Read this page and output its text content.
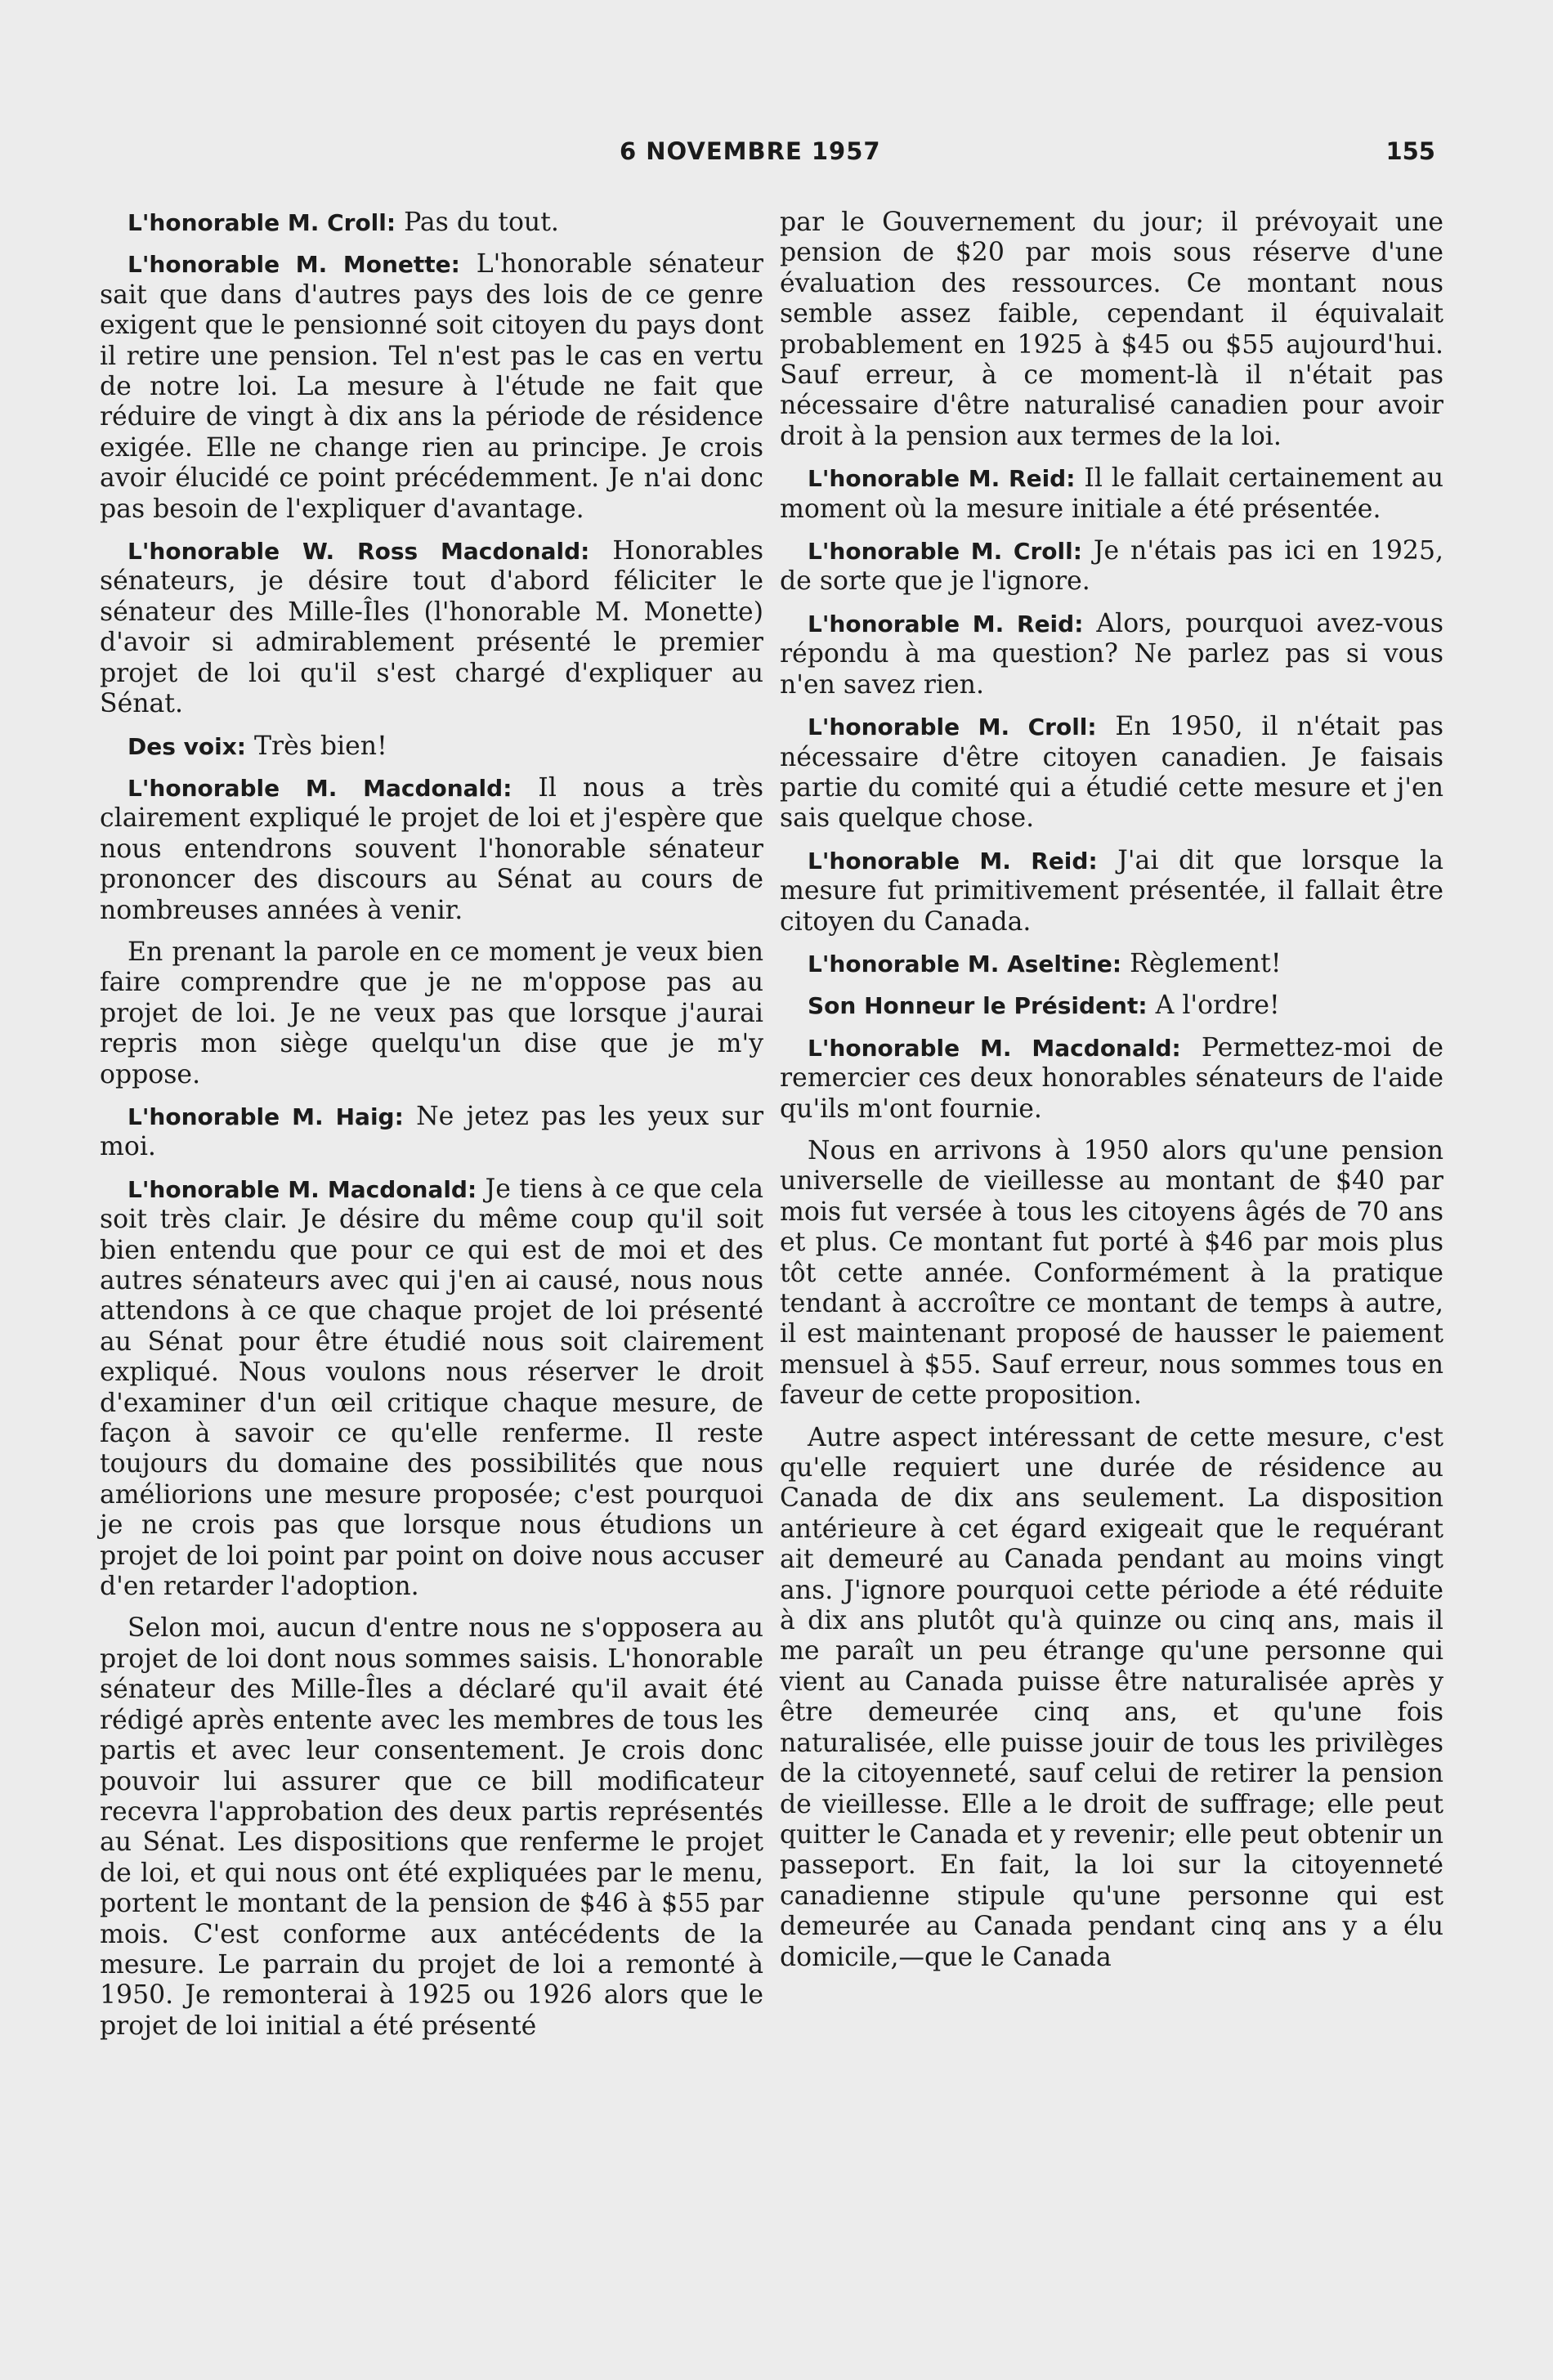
6 NOVEMBRE 1957	155

L'honorable M. Croll: Pas du tout.

L'honorable M. Monette: L'honorable sénateur sait que dans d'autres pays des lois de ce genre exigent que le pensionné soit citoyen du pays dont il retire une pension. Tel n'est pas le cas en vertu de notre loi. La mesure à l'étude ne fait que réduire de vingt à dix ans la période de résidence exigée. Elle ne change rien au principe. Je crois avoir élucidé ce point précédemment. Je n'ai donc pas besoin de l'expliquer d'avantage.

L'honorable W. Ross Macdonald: Honorables sénateurs, je désire tout d'abord féliciter le sénateur des Mille-Îles (l'honorable M. Monette) d'avoir si admirablement présenté le premier projet de loi qu'il s'est chargé d'expliquer au Sénat.

Des voix: Très bien!

L'honorable M. Macdonald: Il nous a très clairement expliqué le projet de loi et j'espère que nous entendrons souvent l'honorable sénateur prononcer des discours au Sénat au cours de nombreuses années à venir.

En prenant la parole en ce moment je veux bien faire comprendre que je ne m'oppose pas au projet de loi. Je ne veux pas que lorsque j'aurai repris mon siège quelqu'un dise que je m'y oppose.

L'honorable M. Haig: Ne jetez pas les yeux sur moi.

L'honorable M. Macdonald: Je tiens à ce que cela soit très clair. Je désire du même coup qu'il soit bien entendu que pour ce qui est de moi et des autres sénateurs avec qui j'en ai causé, nous nous attendons à ce que chaque projet de loi présenté au Sénat pour être étudié nous soit clairement expliqué. Nous voulons nous réserver le droit d'examiner d'un œil critique chaque mesure, de façon à savoir ce qu'elle renferme. Il reste toujours du domaine des possibilités que nous améliorions une mesure proposée; c'est pourquoi je ne crois pas que lorsque nous étudions un projet de loi point par point on doive nous accuser d'en retarder l'adoption.

Selon moi, aucun d'entre nous ne s'opposera au projet de loi dont nous sommes saisis. L'honorable sénateur des Mille-Îles a déclaré qu'il avait été rédigé après entente avec les membres de tous les partis et avec leur consentement. Je crois donc pouvoir lui assurer que ce bill modificateur recevra l'approbation des deux partis représentés au Sénat. Les dispositions que renferme le projet de loi, et qui nous ont été expliquées par le menu, portent le montant de la pension de $46 à $55 par mois. C'est conforme aux antécédents de la mesure. Le parrain du projet de loi a remonté à 1950. Je remonterai à 1925 ou 1926 alors que le projet de loi initial a été présenté

par le Gouvernement du jour; il prévoyait une pension de $20 par mois sous réserve d'une évaluation des ressources. Ce montant nous semble assez faible, cependant il équivalait probablement en 1925 à $45 ou $55 aujourd'hui. Sauf erreur, à ce moment-là il n'était pas nécessaire d'être naturalisé canadien pour avoir droit à la pension aux termes de la loi.

L'honorable M. Reid: Il le fallait certainement au moment où la mesure initiale a été présentée.

L'honorable M. Croll: Je n'étais pas ici en 1925, de sorte que je l'ignore.

L'honorable M. Reid: Alors, pourquoi avez-vous répondu à ma question? Ne parlez pas si vous n'en savez rien.

L'honorable M. Croll: En 1950, il n'était pas nécessaire d'être citoyen canadien. Je faisais partie du comité qui a étudié cette mesure et j'en sais quelque chose.

L'honorable M. Reid: J'ai dit que lorsque la mesure fut primitivement présentée, il fallait être citoyen du Canada.

L'honorable M. Aseltine: Règlement!

Son Honneur le Président: A l'ordre!

L'honorable M. Macdonald: Permettez-moi de remercier ces deux honorables sénateurs de l'aide qu'ils m'ont fournie.

Nous en arrivons à 1950 alors qu'une pension universelle de vieillesse au montant de $40 par mois fut versée à tous les citoyens âgés de 70 ans et plus. Ce montant fut porté à $46 par mois plus tôt cette année. Conformément à la pratique tendant à accroître ce montant de temps à autre, il est maintenant proposé de hausser le paiement mensuel à $55. Sauf erreur, nous sommes tous en faveur de cette proposition.

Autre aspect intéressant de cette mesure, c'est qu'elle requiert une durée de résidence au Canada de dix ans seulement. La disposition antérieure à cet égard exigeait que le requérant ait demeuré au Canada pendant au moins vingt ans. J'ignore pourquoi cette période a été réduite à dix ans plutôt qu'à quinze ou cinq ans, mais il me paraît un peu étrange qu'une personne qui vient au Canada puisse être naturalisée après y être demeurée cinq ans, et qu'une fois naturalisée, elle puisse jouir de tous les privilèges de la citoyenneté, sauf celui de retirer la pension de vieillesse. Elle a le droit de suffrage; elle peut quitter le Canada et y revenir; elle peut obtenir un passeport. En fait, la loi sur la citoyenneté canadienne stipule qu'une personne qui est demeurée au Canada pendant cinq ans y a élu domicile,—que le Canada
